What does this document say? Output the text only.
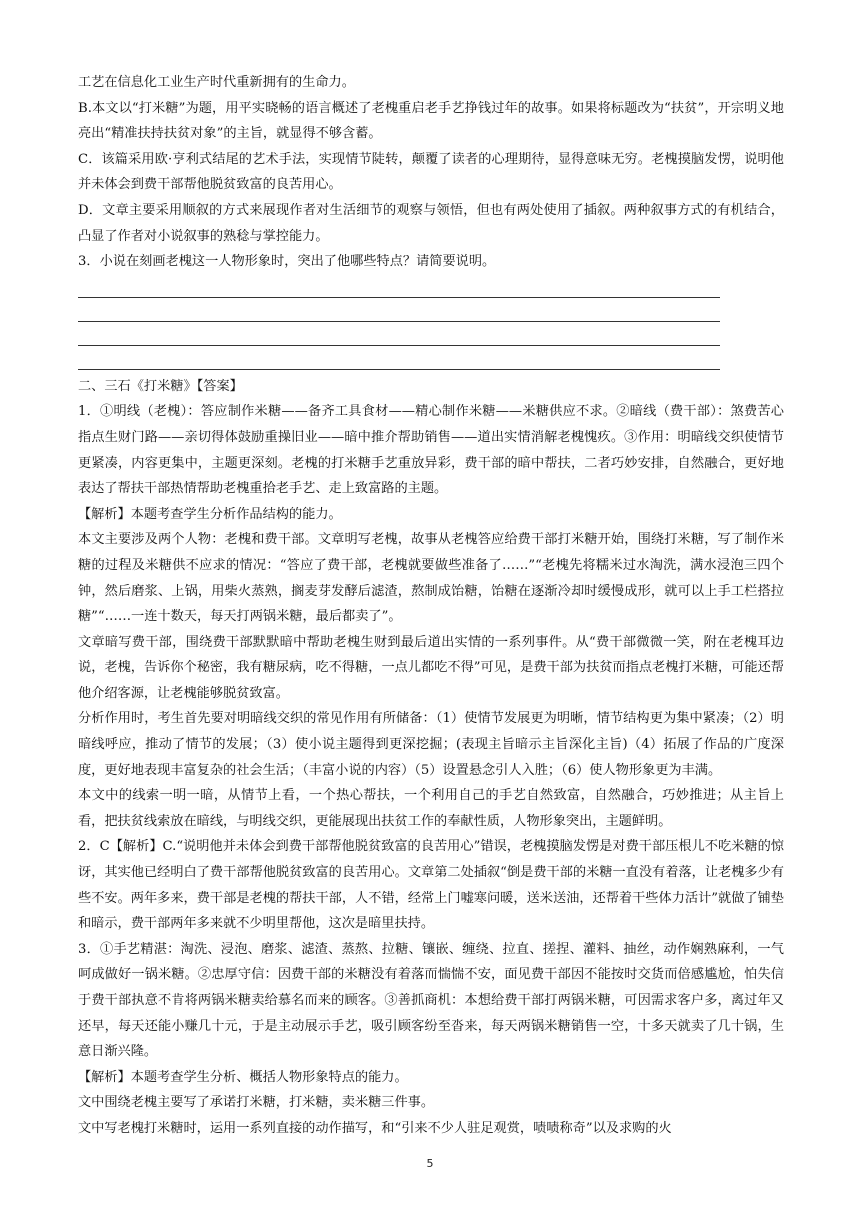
工艺在信息化工业生产时代重新拥有的生命力。

B.本文以“打米糖”为题，用平实晓畅的语言概述了老槐重启老手艺挣钱过年的故事。如果将标题改为“扶贫”，开宗明义地亮出“精准扶持扶贫对象”的主旨，就显得不够含蓄。

C．该篇采用欧·亨利式结尾的艺术手法，实现情节陡转，颠覆了读者的心理期待，显得意味无穷。老槐摸脑发愣，说明他并未体会到费干部帮他脱贫致富的良苦用心。

D．文章主要采用顺叙的方式来展现作者对生活细节的观察与领悟，但也有两处使用了插叙。两种叙事方式的有机结合，凸显了作者对小说叙事的熟稔与掌控能力。

3．小说在刻画老槐这一人物形象时，突出了他哪些特点？请简要说明。

二、三石《打米糖》【答案】

1．①明线（老槐）：答应制作米糖——备齐工具食材——精心制作米糖——米糖供应不求。②暗线（费干部）：煞费苦心指点生财门路——亲切得体鼓励重操旧业——暗中推介帮助销售——道出实情消解老槐愧疚。③作用：明暗线交织使情节更紧凑，内容更集中，主题更深刻。老槐的打米糖手艺重放异彩，费干部的暗中帮扶，二者巧妙安排，自然融合，更好地表达了帮扶干部热情帮助老槐重拾老手艺、走上致富路的主题。

【解析】本题考查学生分析作品结构的能力。

本文主要涉及两个人物：老槐和费干部。文章明写老槐，故事从老槐答应给费干部打米糖开始，围绕打米糖，写了制作米糖的过程及米糖供不应求的情况：“答应了费干部，老槐就要做些准备了……”“老槐先将糯米过水淘洗，满水浸泡三四个钟，然后磨浆、上锅，用柴火蒸熟，搁麦芽发酵后滤渣，熬制成饴糖，饴糖在逐渐冷却时缓慢成形，就可以上手工栏搭拉糖”“……一连十数天，每天打两锅米糖，最后都卖了”。

文章暗写费干部，围绕费干部默默暗中帮助老槐生财到最后道出实情的一系列事件。从“费干部微微一笑，附在老槐耳边说，老槐，告诉你个秘密，我有糖尿病，吃不得糖，一点儿都吃不得”可见，是费干部为扶贫而指点老槐打米糖，可能还帮他介绍客源，让老槐能够脱贫致富。

分析作用时，考生首先要对明暗线交织的常见作用有所储备：（1）使情节发展更为明晰，情节结构更为集中紧凑；（2）明暗线呼应，推动了情节的发展；（3）使小说主题得到更深挖掘；(表现主旨暗示主旨深化主旨)（4）拓展了作品的广度深度，更好地表现丰富复杂的社会生活；（丰富小说的内容）（5）设置悬念引人入胜；（6）使人物形象更为丰满。

本文中的线索一明一暗，从情节上看，一个热心帮扶，一个利用自己的手艺自然致富，自然融合，巧妙推进；从主旨上看，把扶贫线索放在暗线，与明线交织，更能展现出扶贫工作的奉献性质，人物形象突出，主题鲜明。

2．C【解析】C.“说明他并未体会到费干部帮他脱贫致富的良苦用心”错误，老槐摸脑发愣是对费干部压根儿不吃米糖的惊讶，其实他已经明白了费干部帮他脱贫致富的良苦用心。文章第二处插叙“倒是费干部的米糖一直没有着落，让老槐多少有些不安。两年多来，费干部是老槐的帮扶干部，人不错，经常上门嘘寒问暖，送米送油，还帮着干些体力活计”就做了铺垫和暗示，费干部两年多来就不少明里帮他，这次是暗里扶持。

3．①手艺精湛：淘洗、浸泡、磨浆、滤渣、蒸熬、拉糖、镶嵌、缠绕、拉直、搓捏、灌料、抽丝，动作娴熟麻利，一气呵成做好一锅米糖。②忠厚守信：因费干部的米糖没有着落而惴惴不安，面见费干部因不能按时交货而倍感尴尬，怕失信于费干部执意不肯将两锅米糖卖给慕名而来的顾客。③善抓商机：本想给费干部打两锅米糖，可因需求客户多，离过年又还早，每天还能小赚几十元，于是主动展示手艺，吸引顾客纷至沓来，每天两锅米糖销售一空，十多天就卖了几十锅，生意日渐兴隆。

【解析】本题考查学生分析、概括人物形象特点的能力。

文中围绕老槐主要写了承诺打米糖，打米糖，卖米糖三件事。

文中写老槐打米糖时，运用一系列直接的动作描写，和“引来不少人驻足观赏，啧啧称奇”以及求购的火

5
